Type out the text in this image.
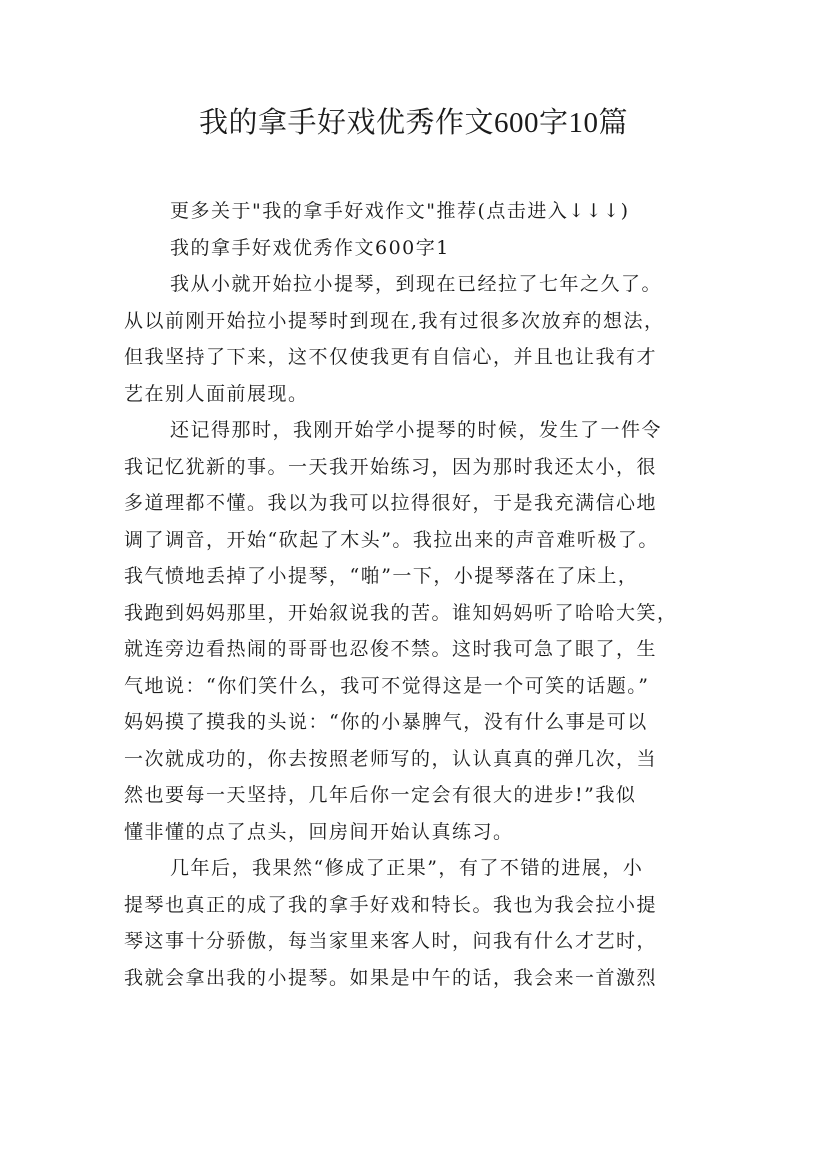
我的拿手好戏优秀作文600字10篇
更多关于"我的拿手好戏作文"推荐(点击进入↓↓↓)
我的拿手好戏优秀作文600字1
我从小就开始拉小提琴，到现在已经拉了七年之久了。
从以前刚开始拉小提琴时到现在,我有过很多次放弃的想法，
但我坚持了下来，这不仅使我更有自信心，并且也让我有才
艺在别人面前展现。
还记得那时，我刚开始学小提琴的时候，发生了一件令
我记忆犹新的事。一天我开始练习，因为那时我还太小，很
多道理都不懂。我以为我可以拉得很好，于是我充满信心地
调了调音，开始“砍起了木头”。我拉出来的声音难听极了。
我气愤地丢掉了小提琴，“啪”一下，小提琴落在了床上，
我跑到妈妈那里，开始叙说我的苦。谁知妈妈听了哈哈大笑，
就连旁边看热闹的哥哥也忍俊不禁。这时我可急了眼了，生
气地说：“你们笑什么，我可不觉得这是一个可笑的话题。”
妈妈摸了摸我的头说：“你的小暴脾气，没有什么事是可以
一次就成功的，你去按照老师写的，认认真真的弹几次，当
然也要每一天坚持，几年后你一定会有很大的进步!”我似
懂非懂的点了点头，回房间开始认真练习。
几年后，我果然“修成了正果”，有了不错的进展，小
提琴也真正的成了我的拿手好戏和特长。我也为我会拉小提
琴这事十分骄傲，每当家里来客人时，问我有什么才艺时，
我就会拿出我的小提琴。如果是中午的话，我会来一首激烈
